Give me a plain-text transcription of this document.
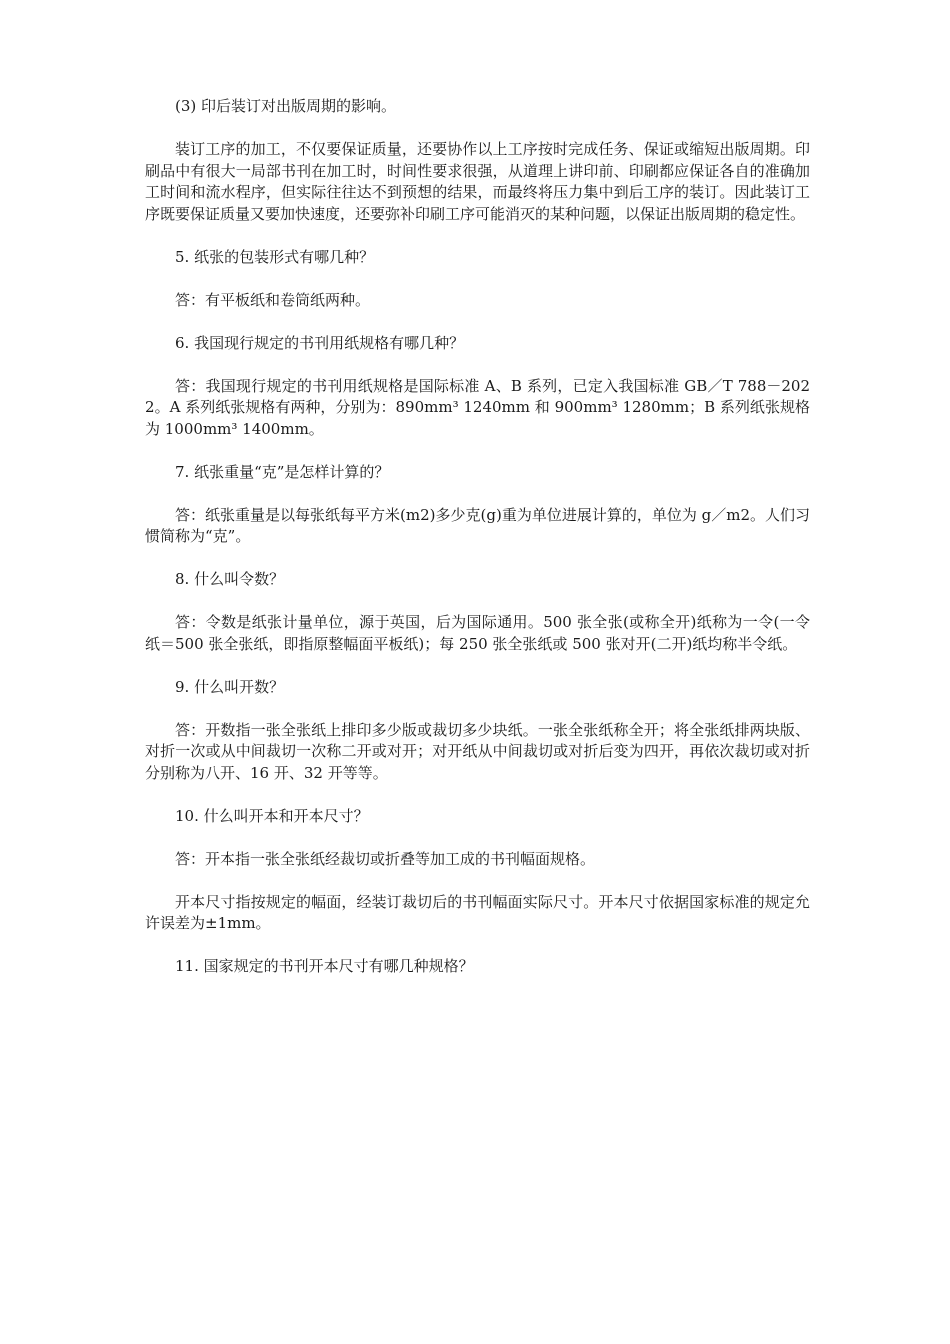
(3) 印后装订对出版周期的影响。

装订工序的加工，不仅要保证质量，还要协作以上工序按时完成任务、保证或缩短出版周期。印刷品中有很大一局部书刊在加工时，时间性要求很强，从道理上讲印前、印刷都应保证各自的准确加工时间和流水程序，但实际往往达不到预想的结果，而最终将压力集中到后工序的装订。因此装订工序既要保证质量又要加快速度，还要弥补印刷工序可能消灭的某种问题，以保证出版周期的稳定性。

5. 纸张的包装形式有哪几种？

答：有平板纸和卷筒纸两种。

6. 我国现行规定的书刊用纸规格有哪几种？

答：我国现行规定的书刊用纸规格是国际标准 A、B 系列，已定入我国标准 GB／T 788－2022。A 系列纸张规格有两种，分别为：890mm³ 1240mm 和 900mm³ 1280mm；B 系列纸张规格为 1000mm³ 1400mm。

7. 纸张重量“克”是怎样计算的？

答：纸张重量是以每张纸每平方米(m2)多少克(g)重为单位进展计算的，单位为 g／m2。人们习惯简称为“克”。

8. 什么叫令数？

答：令数是纸张计量单位，源于英国，后为国际通用。500 张全张(或称全开)纸称为一令(一令纸＝500 张全张纸，即指原整幅面平板纸)；每 250 张全张纸或 500 张对开(二开)纸均称半令纸。

9. 什么叫开数？

答：开数指一张全张纸上排印多少版或裁切多少块纸。一张全张纸称全开；将全张纸排两块版、对折一次或从中间裁切一次称二开或对开；对开纸从中间裁切或对折后变为四开，再依次裁切或对折分别称为八开、16 开、32 开等等。

10. 什么叫开本和开本尺寸？

答：开本指一张全张纸经裁切或折叠等加工成的书刊幅面规格。

开本尺寸指按规定的幅面，经装订裁切后的书刊幅面实际尺寸。开本尺寸依据国家标准的规定允许误差为±1mm。

11. 国家规定的书刊开本尺寸有哪几种规格？
